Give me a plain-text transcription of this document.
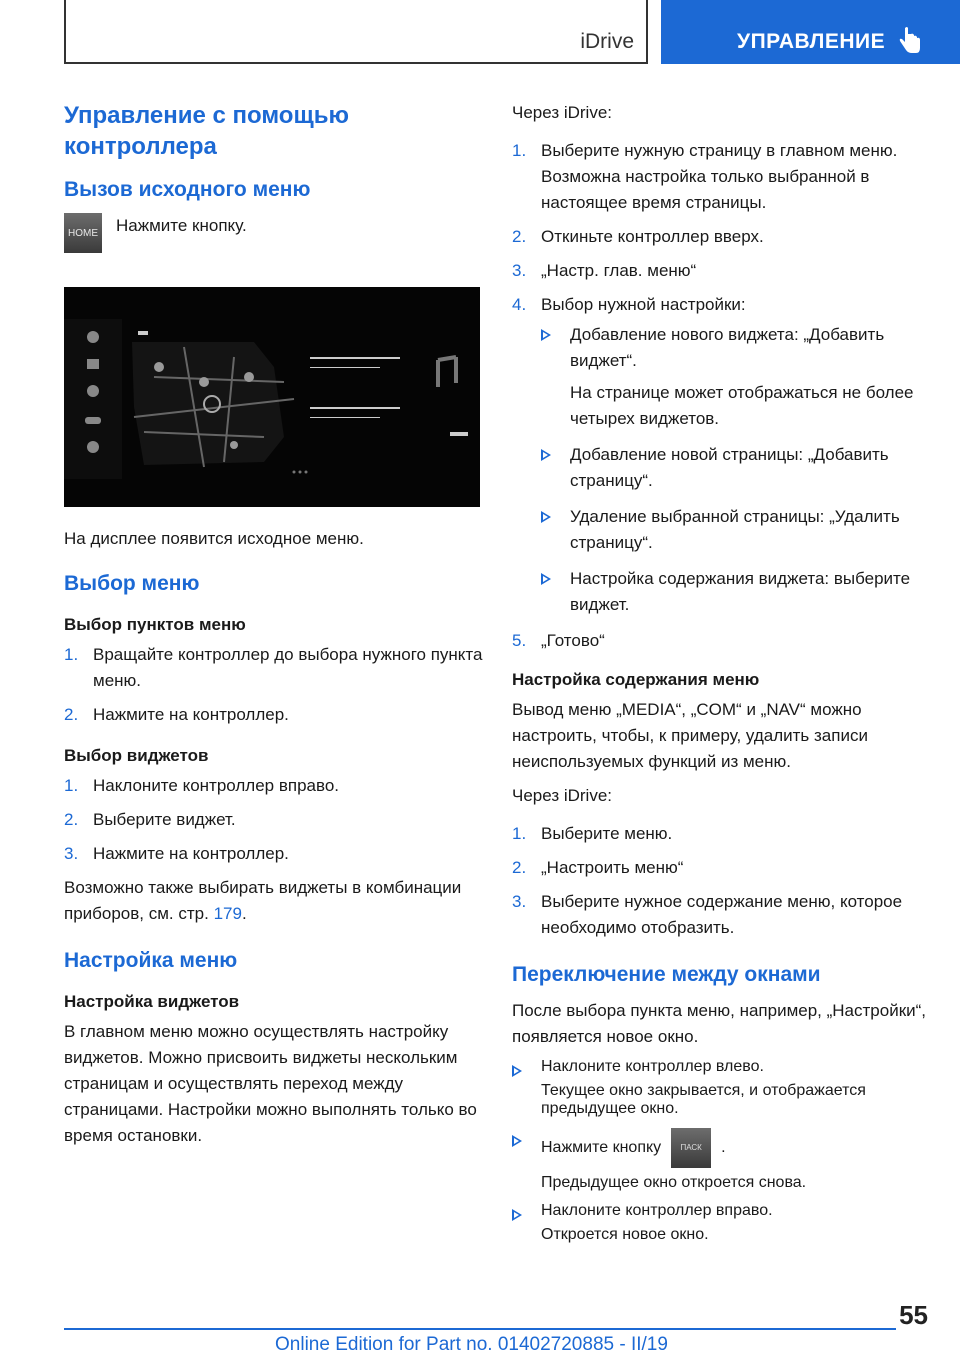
iDrive	УПРАВЛЕНИЕ
Управление с помощью контроллера
Вызов исходного меню
HOME Нажмите кнопку.

На дисплее появится исходное меню.

Выбор меню
Выбор пунктов меню
1. Вращайте контроллер до выбора нужного пункта меню.
2. Нажмите на контроллер.
Выбор виджетов
1. Наклоните контроллер вправо.
2. Выберите виджет.
3. Нажмите на контроллер.

Возможно также выбирать виджеты в комбинации приборов, см. стр. 179.

Настройка меню
Настройка виджетов

В главном меню можно осуществлять настройку виджетов. Можно присвоить виджеты нескольким страницам и осуществлять переход между страницами. Настройки можно выполнять только во время остановки.

Через iDrive:

1. Выберите нужную страницу в главном меню. Возможна настройка только выбранной в настоящее время страницы.
2. Откиньте контроллер вверх.
3. „Настр. глав. меню“
4. Выбор нужной настройки:
Добавление нового виджета: „Добавить виджет“.
На странице может отображаться не более четырех виджетов.
Добавление новой страницы: „Добавить страницу“.
Удаление выбранной страницы: „Удалить страницу“.
Настройка содержания виджета: выберите виджет.
5. „Готово“
Настройка содержания меню

Вывод меню „MEDIA“, „COM“ и „NAV“ можно настроить, чтобы, к примеру, удалить записи неиспользуемых функций из меню.

Через iDrive:

1. Выберите меню.
2. „Настроить меню“
3. Выберите нужное содержание меню, которое необходимо отобразить.
Переключение между окнами

После выбора пункта меню, например, „Настройки“, появляется новое окно.

Наклоните контроллер влево.
Текущее окно закрывается, и отображается предыдущее окно.
Нажмите кнопку ПАСК .
Предыдущее окно откроется снова.
Наклоните контроллер вправо.
Откроется новое окно.
55
Online Edition for Part no. 01402720885 - II/19
